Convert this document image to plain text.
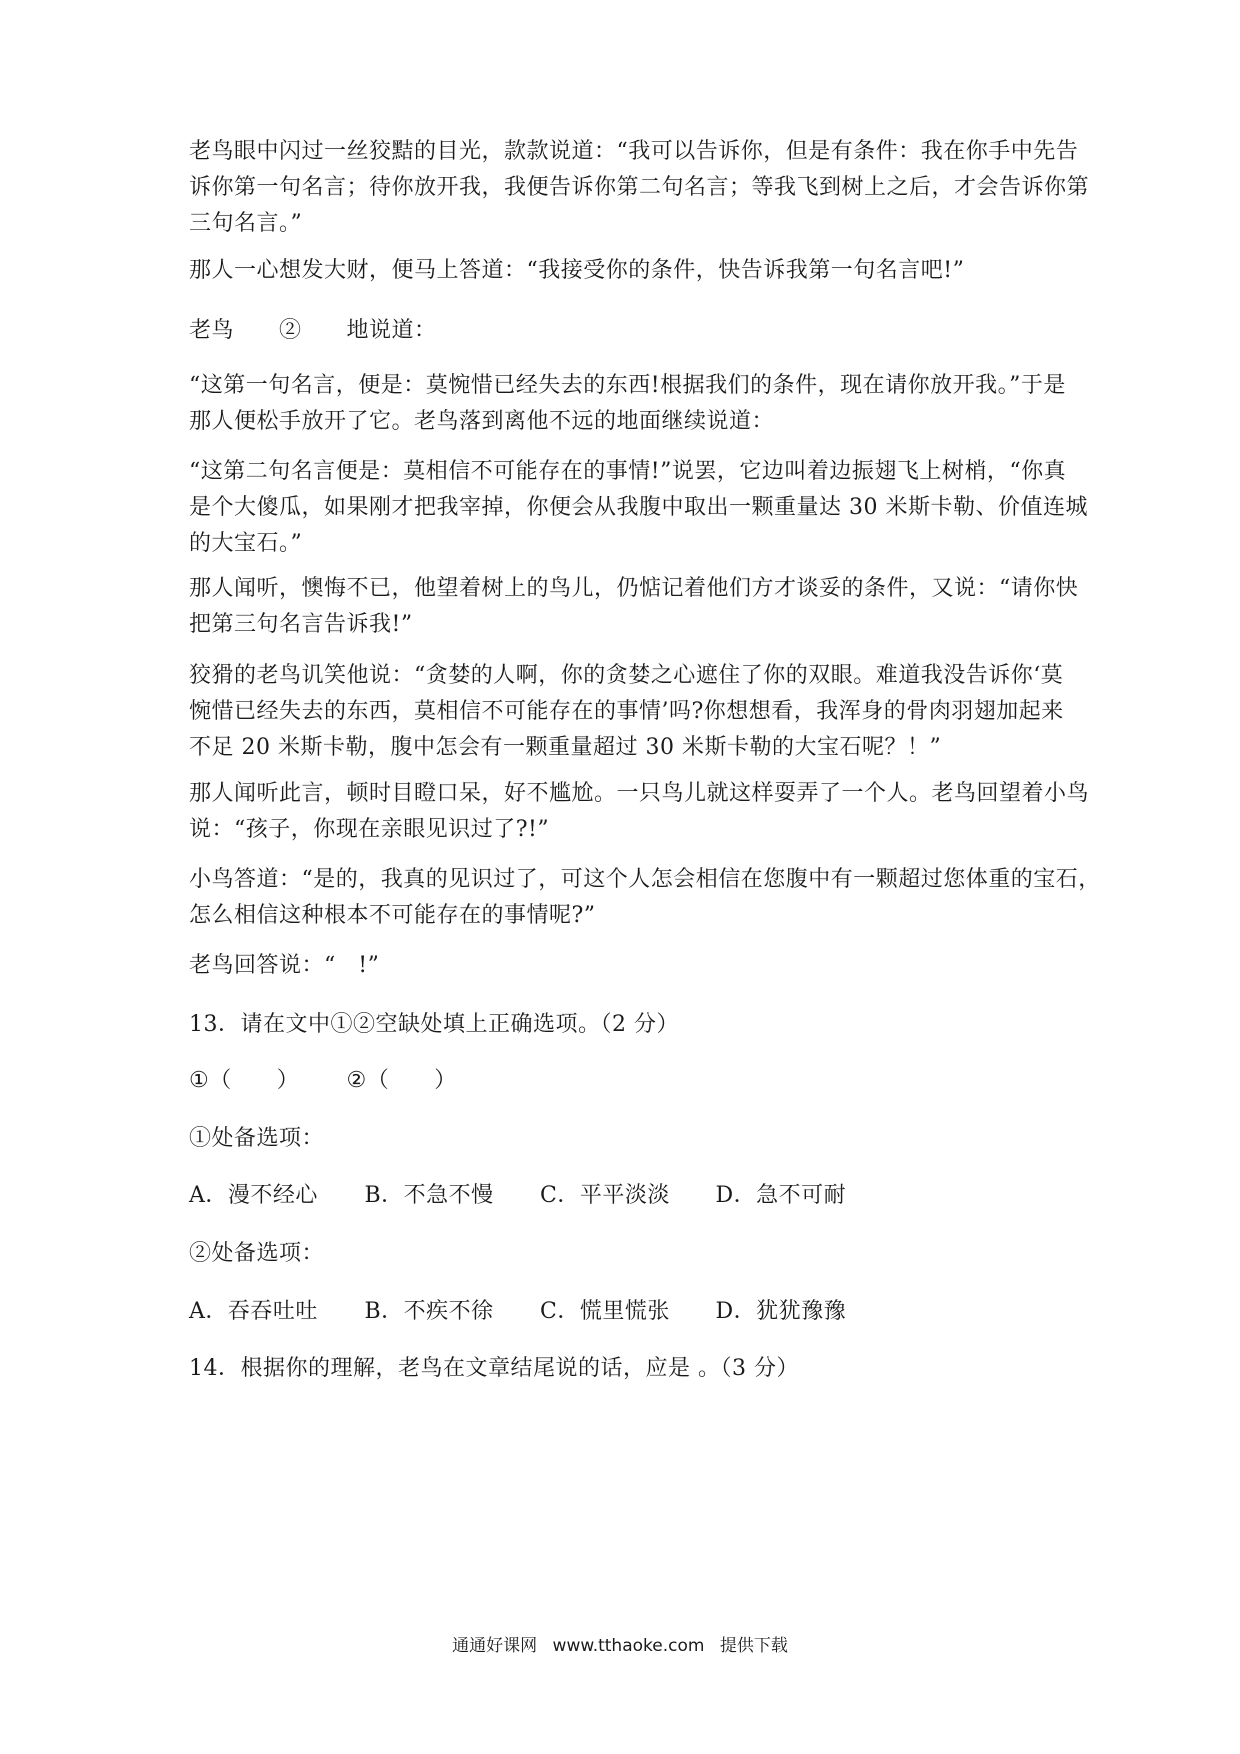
老鸟眼中闪过一丝狡黠的目光，款款说道：“我可以告诉你，但是有条件：我在你手中先告
诉你第一句名言；待你放开我，我便告诉你第二句名言；等我飞到树上之后，才会告诉你第
三句名言。”
那人一心想发大财，便马上答道：“我接受你的条件，快告诉我第一句名言吧!”
老鸟　　②　　地说道：
“这第一句名言，便是：莫惋惜已经失去的东西!根据我们的条件，现在请你放开我。”于是
那人便松手放开了它。老鸟落到离他不远的地面继续说道：
“这第二句名言便是：莫相信不可能存在的事情!”说罢，它边叫着边振翅飞上树梢，“你真
是个大傻瓜，如果刚才把我宰掉，你便会从我腹中取出一颗重量达 30 米斯卡勒、价值连城
的大宝石。”
那人闻听，懊悔不已，他望着树上的鸟儿，仍惦记着他们方才谈妥的条件，又说：“请你快
把第三句名言告诉我!”
狡猾的老鸟讥笑他说：“贪婪的人啊，你的贪婪之心遮住了你的双眼。难道我没告诉你‘莫
惋惜已经失去的东西，莫相信不可能存在的事情’吗?你想想看，我浑身的骨肉羽翅加起来
不足 20 米斯卡勒，腹中怎会有一颗重量超过 30 米斯卡勒的大宝石呢？！”
那人闻听此言，顿时目瞪口呆，好不尴尬。一只鸟儿就这样耍弄了一个人。老鸟回望着小鸟
说：“孩子，你现在亲眼见识过了?!”
小鸟答道：“是的，我真的见识过了，可这个人怎会相信在您腹中有一颗超过您体重的宝石，
怎么相信这种根本不可能存在的事情呢?”
老鸟回答说：“　!”
13．请在文中①②空缺处填上正确选项。（2 分）
①（　　） ②（　　）
①处备选项：
A．漫不经心 B．不急不慢 C．平平淡淡 D．急不可耐
②处备选项：
A．吞吞吐吐 B．不疾不徐 C．慌里慌张 D．犹犹豫豫
14．根据你的理解，老鸟在文章结尾说的话，应是 。（3 分）
通通好课网 www.tthaoke.com 提供下载
